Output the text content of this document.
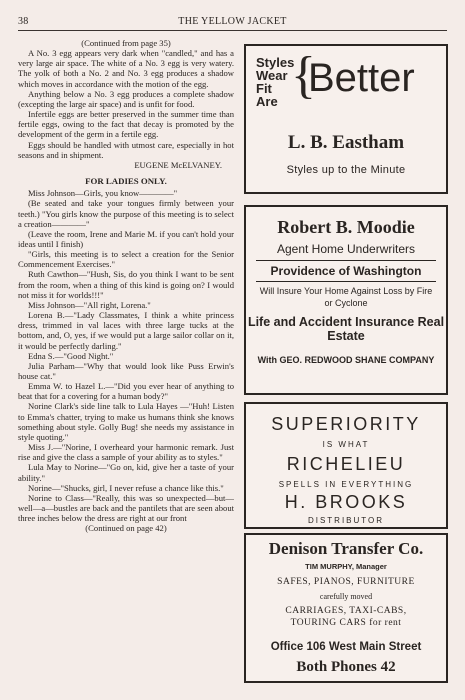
38	THE YELLOW JACKET

(Continued from page 35)

A No. 3 egg appears very dark when "candled," and has a very large air space. The white of a No. 3 egg is very watery. The yolk of both a No. 2 and No. 3 egg produces a shadow which moves in accordance with the motion of the egg.

Anything below a No. 3 egg produces a complete shadow (excepting the large air space) and is unfit for food.

Infertile eggs are better preserved in the summer time than fertile eggs, owing to the fact that decay is promoted by the development of the germ in a fertile egg.

Eggs should be handled with utmost care, especially in hot seasons and in shipment.

EUGENE McELVANEY.

FOR LADIES ONLY.

Miss Johnson—Girls, you know————"

(Be seated and take your tongues firmly between your teeth.) "You girls know the purpose of this meeting is to select a creation————"

(Leave the room, Irene and Marie M. if you can't hold your ideas until I finish)

"Girls, this meeting is to select a creation for the Senior Commencement Exercises."

Ruth Cawthon—"Hush, Sis, do you think I want to be sent from the room, when a thing of this kind is going on? I would not miss it for worlds!!!"

Miss Johnson—"All right, Lorena."

Lorena B.—"Lady Classmates, I think a white princess dress, trimmed in val laces with three large tucks at the bottom, and, O, yes, if we would put a large sailor collar on it, it would be perfectly darling."

Edna S.—"Good Night."

Julia Parham—"Why that would look like Puss Erwin's house cat."

Emma W. to Hazel L.—"Did you ever hear of anything to beat that for a covering for a human body?"

Norine Clark's side line talk to Lula Hayes —"Huh! Listen to Emma's chatter, trying to make us humans think she knows something about style. Golly Bug! she needs my assistance in style quoting."

Miss J.—"Norine, I overheard your harmonic remark. Just rise and give the class a sample of your ability as to styles."

Lula May to Norine—"Go on, kid, give her a taste of your ability."

Norine—"Shucks, girl, I never refuse a chance like this."

Norine to Class—"Really, this was so unexpected—but—well—a—bustles are back and the pantilets that are seen about three inches below the dress are right at our front

(Continued on page 42)

Styles
Wear
Fit
Are {
Better
L. B. Eastham
Styles up to the Minute
Robert B. Moodie
Agent Home Underwriters
Providence of Washington
Will Insure Your Home Against Loss by Fire or Cyclone
Life and Accident Insurance Real Estate
With GEO. REDWOOD SHANE COMPANY
SUPERIORITY
IS WHAT
RICHELIEU
SPELLS IN EVERYTHING
H. BROOKS
DISTRIBUTOR
Denison Transfer Co.
TIM MURPHY, Manager
SAFES, PIANOS, FURNITURE
carefully moved
CARRIAGES, TAXI-CABS, TOURING CARS for rent
Office 106 West Main Street
Both Phones 42
